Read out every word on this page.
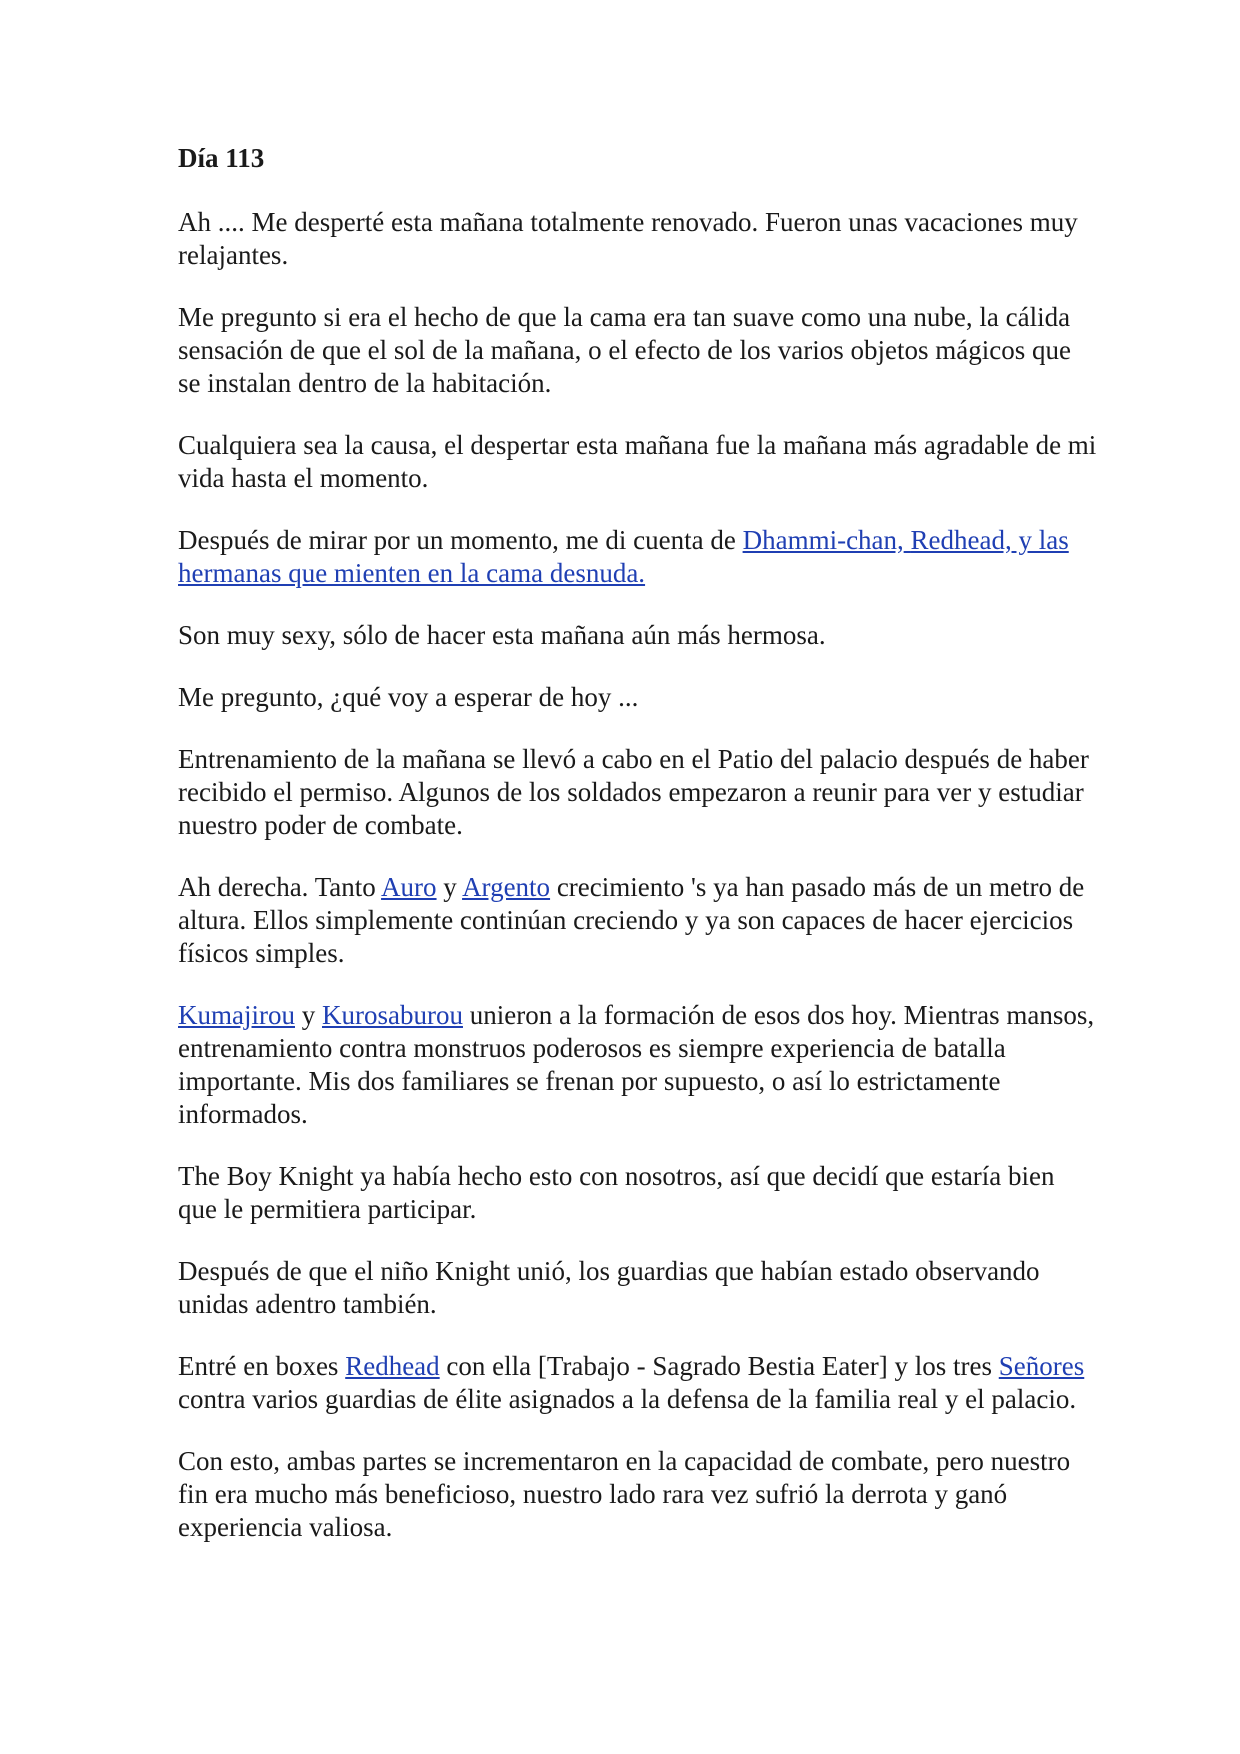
Día 113

Ah .... Me desperté esta mañana totalmente renovado. Fueron unas vacaciones muy relajantes.

Me pregunto si era el hecho de que la cama era tan suave como una nube, la cálida sensación de que el sol de la mañana, o el efecto de los varios objetos mágicos que se instalan dentro de la habitación.

Cualquiera sea la causa, el despertar esta mañana fue la mañana más agradable de mi vida hasta el momento.

Después de mirar por un momento, me di cuenta de Dhammi-chan, Redhead, y las hermanas que mienten en la cama desnuda.

Son muy sexy, sólo de hacer esta mañana aún más hermosa.

Me pregunto, ¿qué voy a esperar de hoy ...

Entrenamiento de la mañana se llevó a cabo en el Patio del palacio después de haber recibido el permiso. Algunos de los soldados empezaron a reunir para ver y estudiar nuestro poder de combate.

Ah derecha. Tanto Auro y Argento crecimiento 's ya han pasado más de un metro de altura. Ellos simplemente continúan creciendo y ya son capaces de hacer ejercicios físicos simples.

Kumajirou y Kurosaburou unieron a la formación de esos dos hoy. Mientras mansos, entrenamiento contra monstruos poderosos es siempre experiencia de batalla importante. Mis dos familiares se frenan por supuesto, o así lo estrictamente informados.

The Boy Knight ya había hecho esto con nosotros, así que decidí que estaría bien que le permitiera participar.

Después de que el niño Knight unió, los guardias que habían estado observando unidas adentro también.

Entré en boxes Redhead con ella [Trabajo - Sagrado Bestia Eater] y los tres Señores contra varios guardias de élite asignados a la defensa de la familia real y el palacio.

Con esto, ambas partes se incrementaron en la capacidad de combate, pero nuestro fin era mucho más beneficioso, nuestro lado rara vez sufrió la derrota y ganó experiencia valiosa.
